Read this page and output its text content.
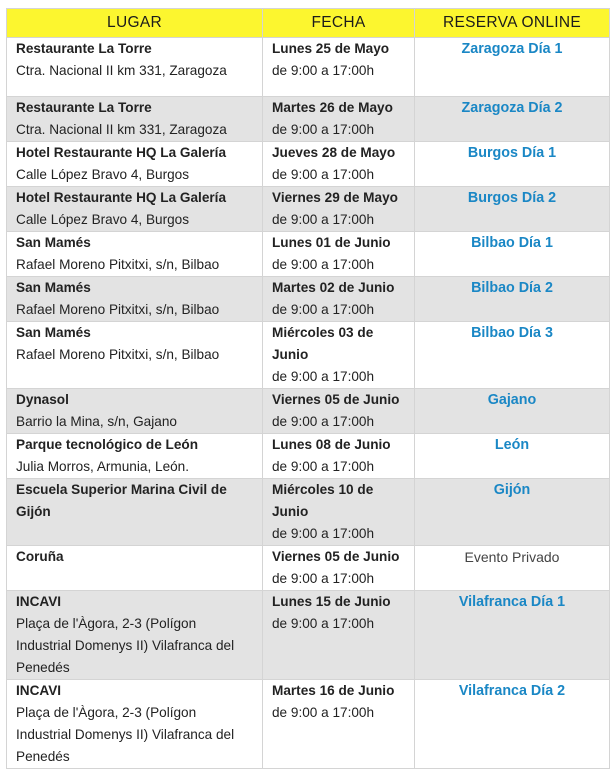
LUGAR	FECHA	RESERVA ONLINE

Restaurante La Torre
Ctra. Nacional II km 331, Zaragoza	Lunes 25 de Mayo
de 9:00 a 17:00h	Zaragoza Día 1

Restaurante La Torre
Ctra. Nacional II km 331, Zaragoza	Martes 26 de Mayo
de 9:00 a 17:00h	Zaragoza Día 2

Hotel Restaurante HQ La Galería
Calle López Bravo 4, Burgos	Jueves 28 de Mayo
de 9:00 a 17:00h	Burgos Día 1

Hotel Restaurante HQ La Galería
Calle López Bravo 4, Burgos	Viernes 29 de Mayo
de 9:00 a 17:00h	Burgos Día 2

San Mamés
Rafael Moreno Pitxitxi, s/n, Bilbao	Lunes 01 de Junio
de 9:00 a 17:00h	Bilbao Día 1

San Mamés
Rafael Moreno Pitxitxi, s/n, Bilbao	Martes 02 de Junio
de 9:00 a 17:00h	Bilbao Día 2

San Mamés
Rafael Moreno Pitxitxi, s/n, Bilbao	Miércoles 03 de
Junio
de 9:00 a 17:00h	Bilbao Día 3

Dynasol
Barrio la Mina, s/n, Gajano	Viernes 05 de Junio
de 9:00 a 17:00h	Gajano

Parque tecnológico de León
Julia Morros, Armunia, León.	Lunes 08 de Junio
de 9:00 a 17:00h	León

Escuela Superior Marina Civil de Gijón	Miércoles 10 de
Junio
de 9:00 a 17:00h	Gijón

Coruña	Viernes 05 de Junio
de 9:00 a 17:00h	Evento Privado

INCAVI
Plaça de l'Àgora, 2-3 (Polígon
Industrial Domenys II) Vilafranca del
Penedés	Lunes 15 de Junio
de 9:00 a 17:00h	Vilafranca Día 1

INCAVI
Plaça de l'Àgora, 2-3 (Polígon
Industrial Domenys II) Vilafranca del
Penedés	Martes 16 de Junio
de 9:00 a 17:00h	Vilafranca Día 2
